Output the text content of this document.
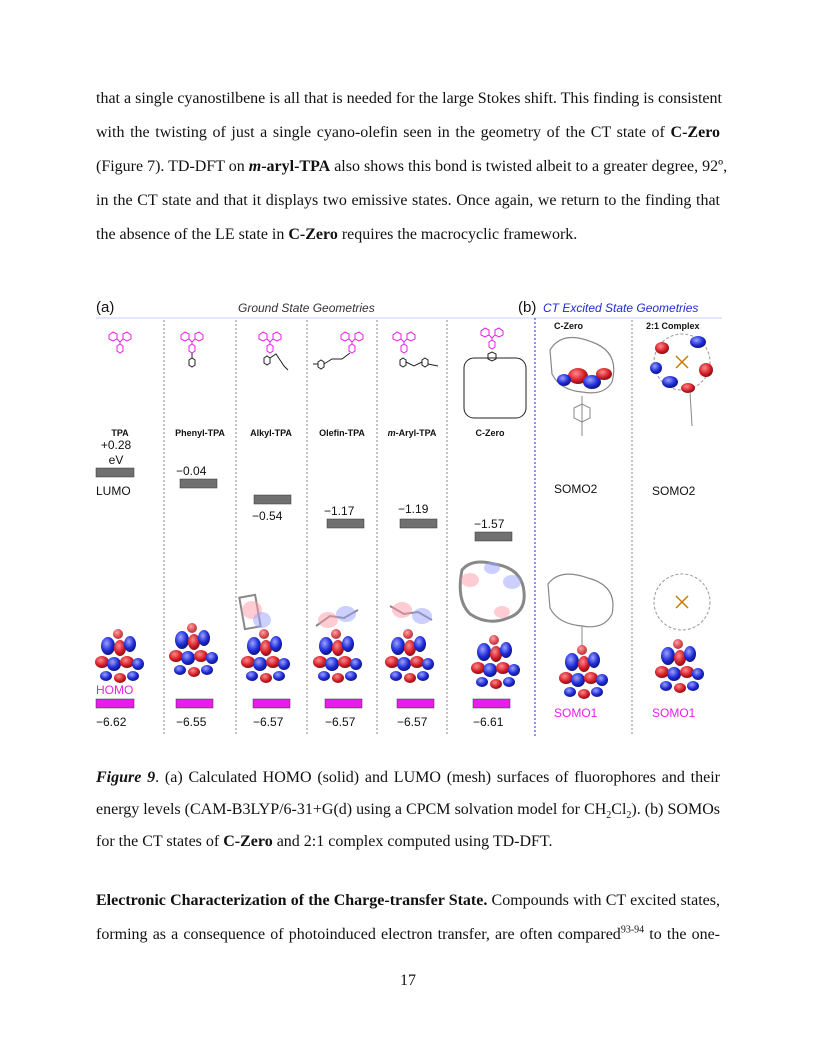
that a single cyanostilbene is all that is needed for the large Stokes shift. This finding is consistent
with the twisting of just a single cyano-olefin seen in the geometry of the CT state of C-Zero
(Figure 7). TD-DFT on m-aryl-TPA also shows this bond is twisted albeit to a greater degree, 92º,
in the CT state and that it displays two emissive states. Once again, we return to the finding that
the absence of the LE state in C-Zero requires the macrocyclic framework.
(a)	Ground State Geometries	(b) CT Excited State Geometries
C-Zero	2:1 Complex
TPA	Phenyl-TPA	Alkyl-TPA	Olefin-TPA	m-Aryl-TPA	C-Zero
+0.28
eV
LUMO
−0.04
−0.54	−1.17	−1.19
−1.57
SOMO2	SOMO2
HOMO
−6.62	−6.55	−6.57	−6.57	−6.57	−6.61
SOMO1	SOMO1
Figure 9. (a) Calculated HOMO (solid) and LUMO (mesh) surfaces of fluorophores and their
energy levels (CAM-B3LYP/6-31+G(d) using a CPCM solvation model for $CH_2Cl_2$). (b) SOMOs
for the CT states of C-Zero and 2:1 complex computed using TD-DFT.
Electronic Characterization of the Charge-transfer State. Compounds with CT excited states,
forming as a consequence of photoinduced electron transfer, are often compared$^{93-94}$ to the one-
17
